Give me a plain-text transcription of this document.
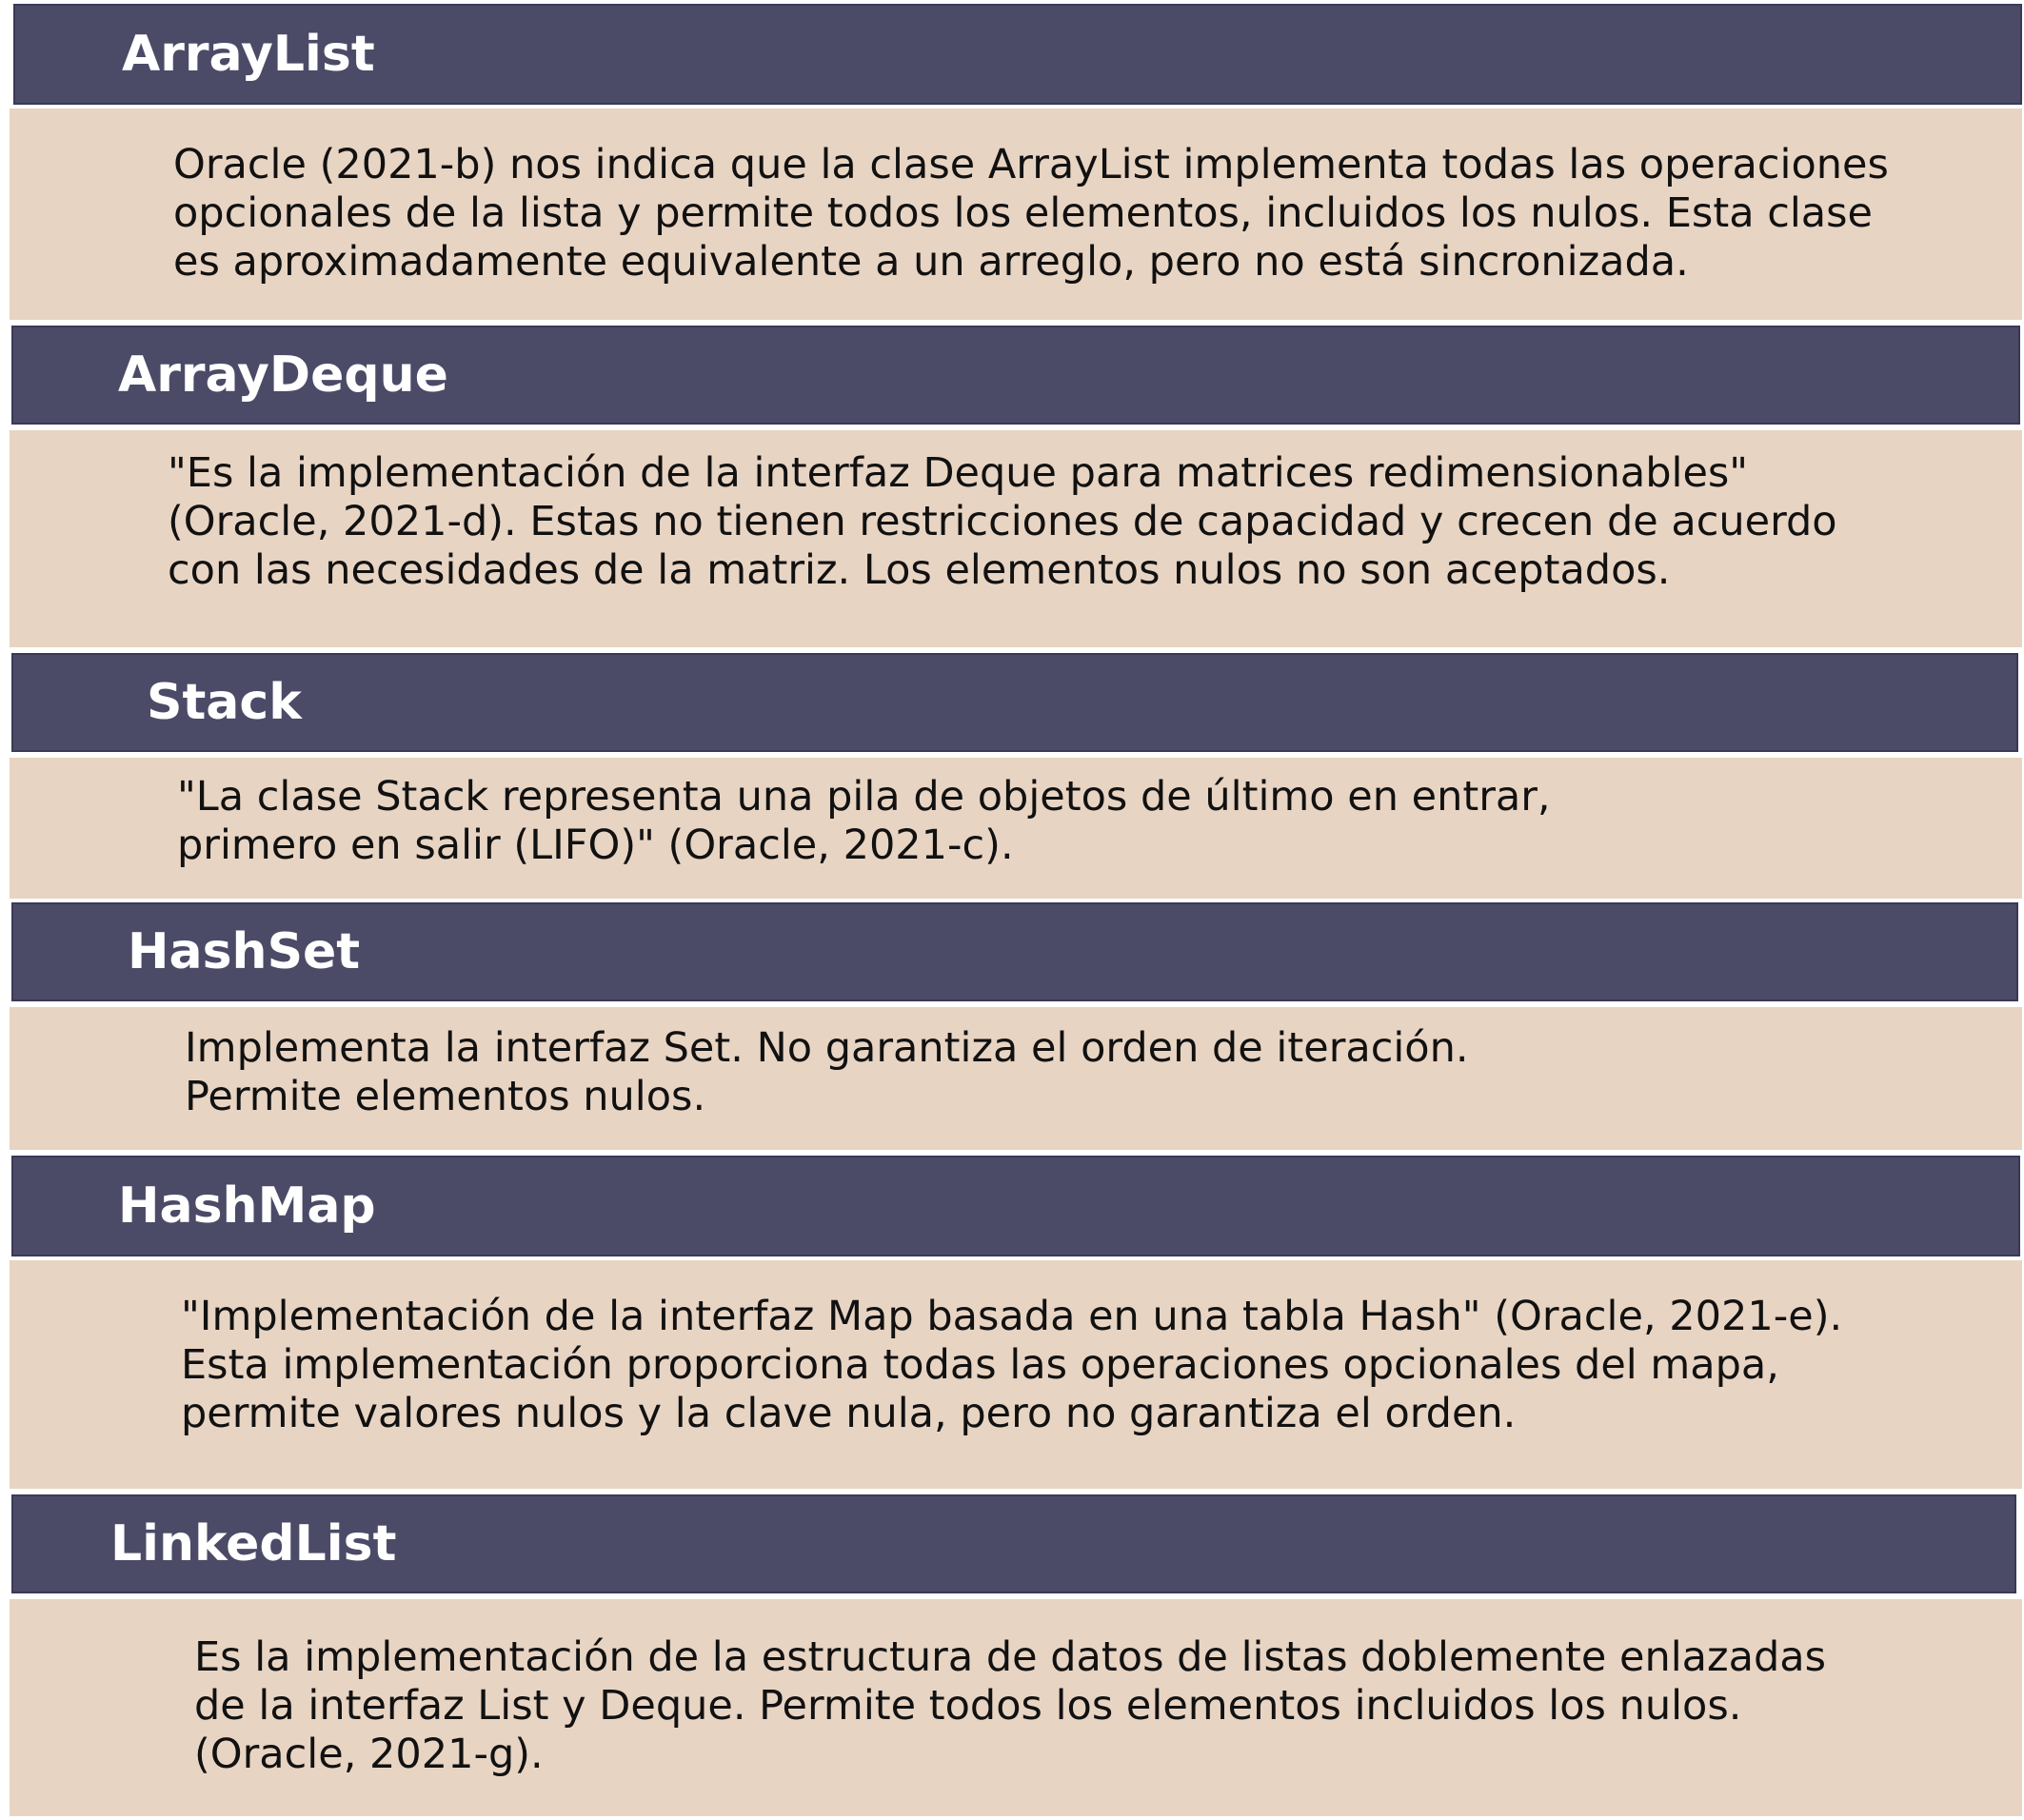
ArrayList
Oracle (2021-b) nos indica que la clase ArrayList implementa todas las operaciones
opcionales de la lista y permite todos los elementos, incluidos los nulos. Esta clase
es aproximadamente equivalente a un arreglo, pero no está sincronizada.
ArrayDeque
"Es la implementación de la interfaz Deque para matrices redimensionables"
(Oracle, 2021-d). Estas no tienen restricciones de capacidad y crecen de acuerdo
con las necesidades de la matriz. Los elementos nulos no son aceptados.
Stack
"La clase Stack representa una pila de objetos de último en entrar,
primero en salir (LIFO)" (Oracle, 2021-c).
HashSet
Implementa la interfaz Set. No garantiza el orden de iteración.
Permite elementos nulos.
HashMap
"Implementación de la interfaz Map basada en una tabla Hash" (Oracle, 2021-e).
Esta implementación proporciona todas las operaciones opcionales del mapa,
permite valores nulos y la clave nula, pero no garantiza el orden.
LinkedList
Es la implementación de la estructura de datos de listas doblemente enlazadas
de la interfaz List y Deque. Permite todos los elementos incluidos los nulos.
(Oracle, 2021-g).
